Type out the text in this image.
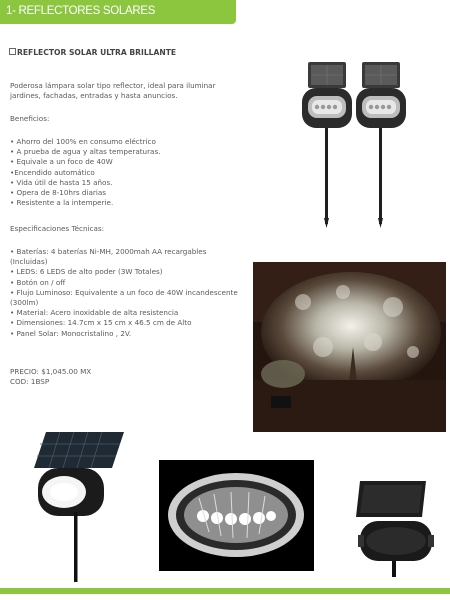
1- REFLECTORES SOLARES
REFLECTOR SOLAR ULTRA BRILLANTE

Poderosa lámpara solar tipo reflector, ideal para iluminar jardines, fachadas, entradas y hasta anuncios.

Beneficios:

• Ahorro del 100% en consumo eléctrico

• A prueba de agua y altas temperaturas.

• Equivale a un foco de 40W

•Encendido automático

• Vida útil de hasta 15 años.

• Opera de 8-10hrs diarias

• Resistente a la intemperie.

Especificaciones Técnicas:

• Baterías: 4 baterías Ni-MH, 2000mah AA recargables (Incluidas)

• LEDS: 6 LEDS de alto poder (3W Totales)

• Botón on / off

• Flujo Luminoso: Equivalente a un foco de 40W incandescente (300lm)

• Material: Acero inoxidable de alta resistencia

• Dimensiones: 14.7cm x 15 cm x 46.5 cm de Alto

• Panel Solar: Monocristalino , 2V.

PRECIO: $1,045.00 MX

COD: 1BSP
